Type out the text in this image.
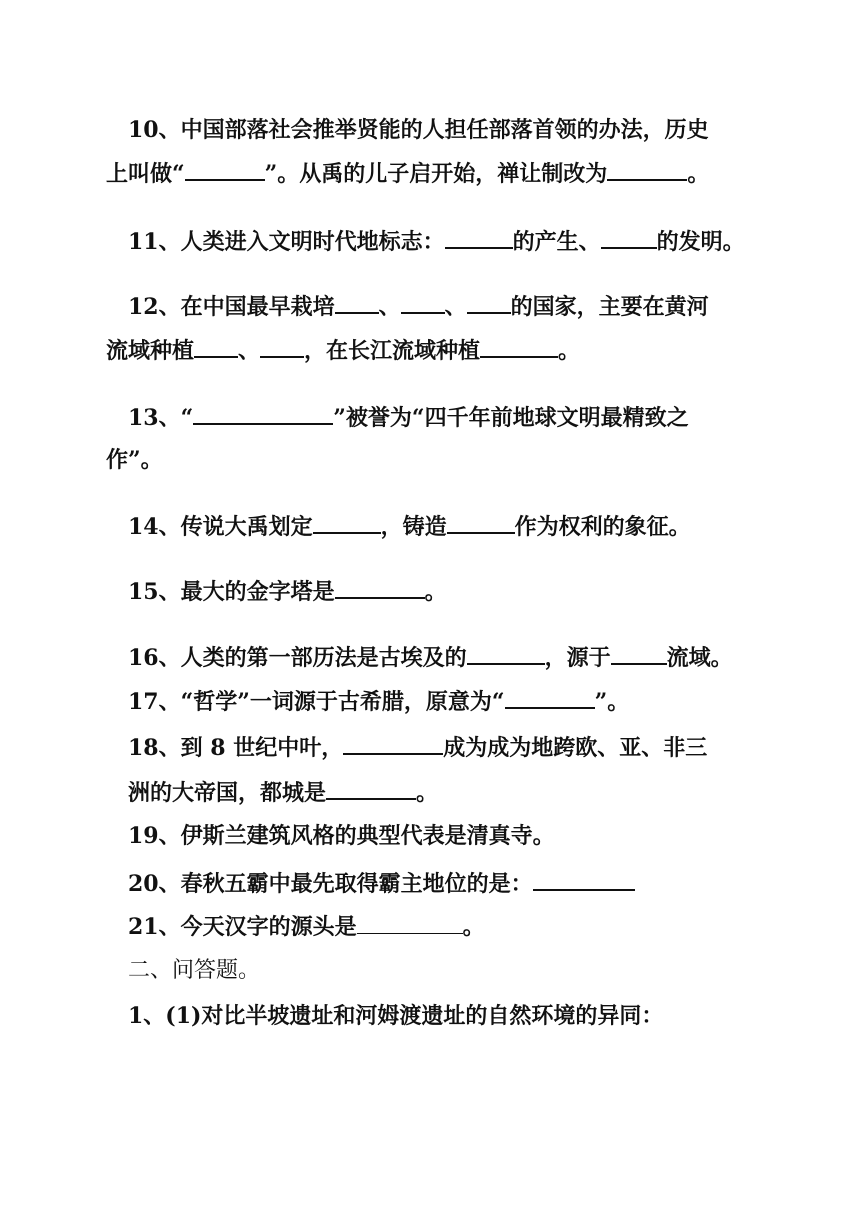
10、中国部落社会推举贤能的人担任部落首领的办法，历史
上叫做“	”。从禹的儿子启开始，禅让制改为	。
11、人类进入文明时代地标志：	的产生、	的发明。
12、在中国最早栽培 、 、 的国家，主要在黄河
流域种植 、 ，在长江流域种植	。
13、“	”被誉为“四千年前地球文明最精致之
作”。
14、传说大禹划定	，铸造	作为权利的象征。
15、最大的金字塔是	。
16、人类的第一部历法是古埃及的	，源于	流域。
17、“哲学”一词源于古希腊，原意为“	”。
18、到 8 世纪中叶，	成为成为地跨欧、亚、非三
洲的大帝国，都城是	。
19、伊斯兰建筑风格的典型代表是清真寺。
20、春秋五霸中最先取得霸主地位的是：
21、今天汉字的源头是	。
二、问答题。
1、(1)对比半坡遗址和河姆渡遗址的自然环境的异同：
